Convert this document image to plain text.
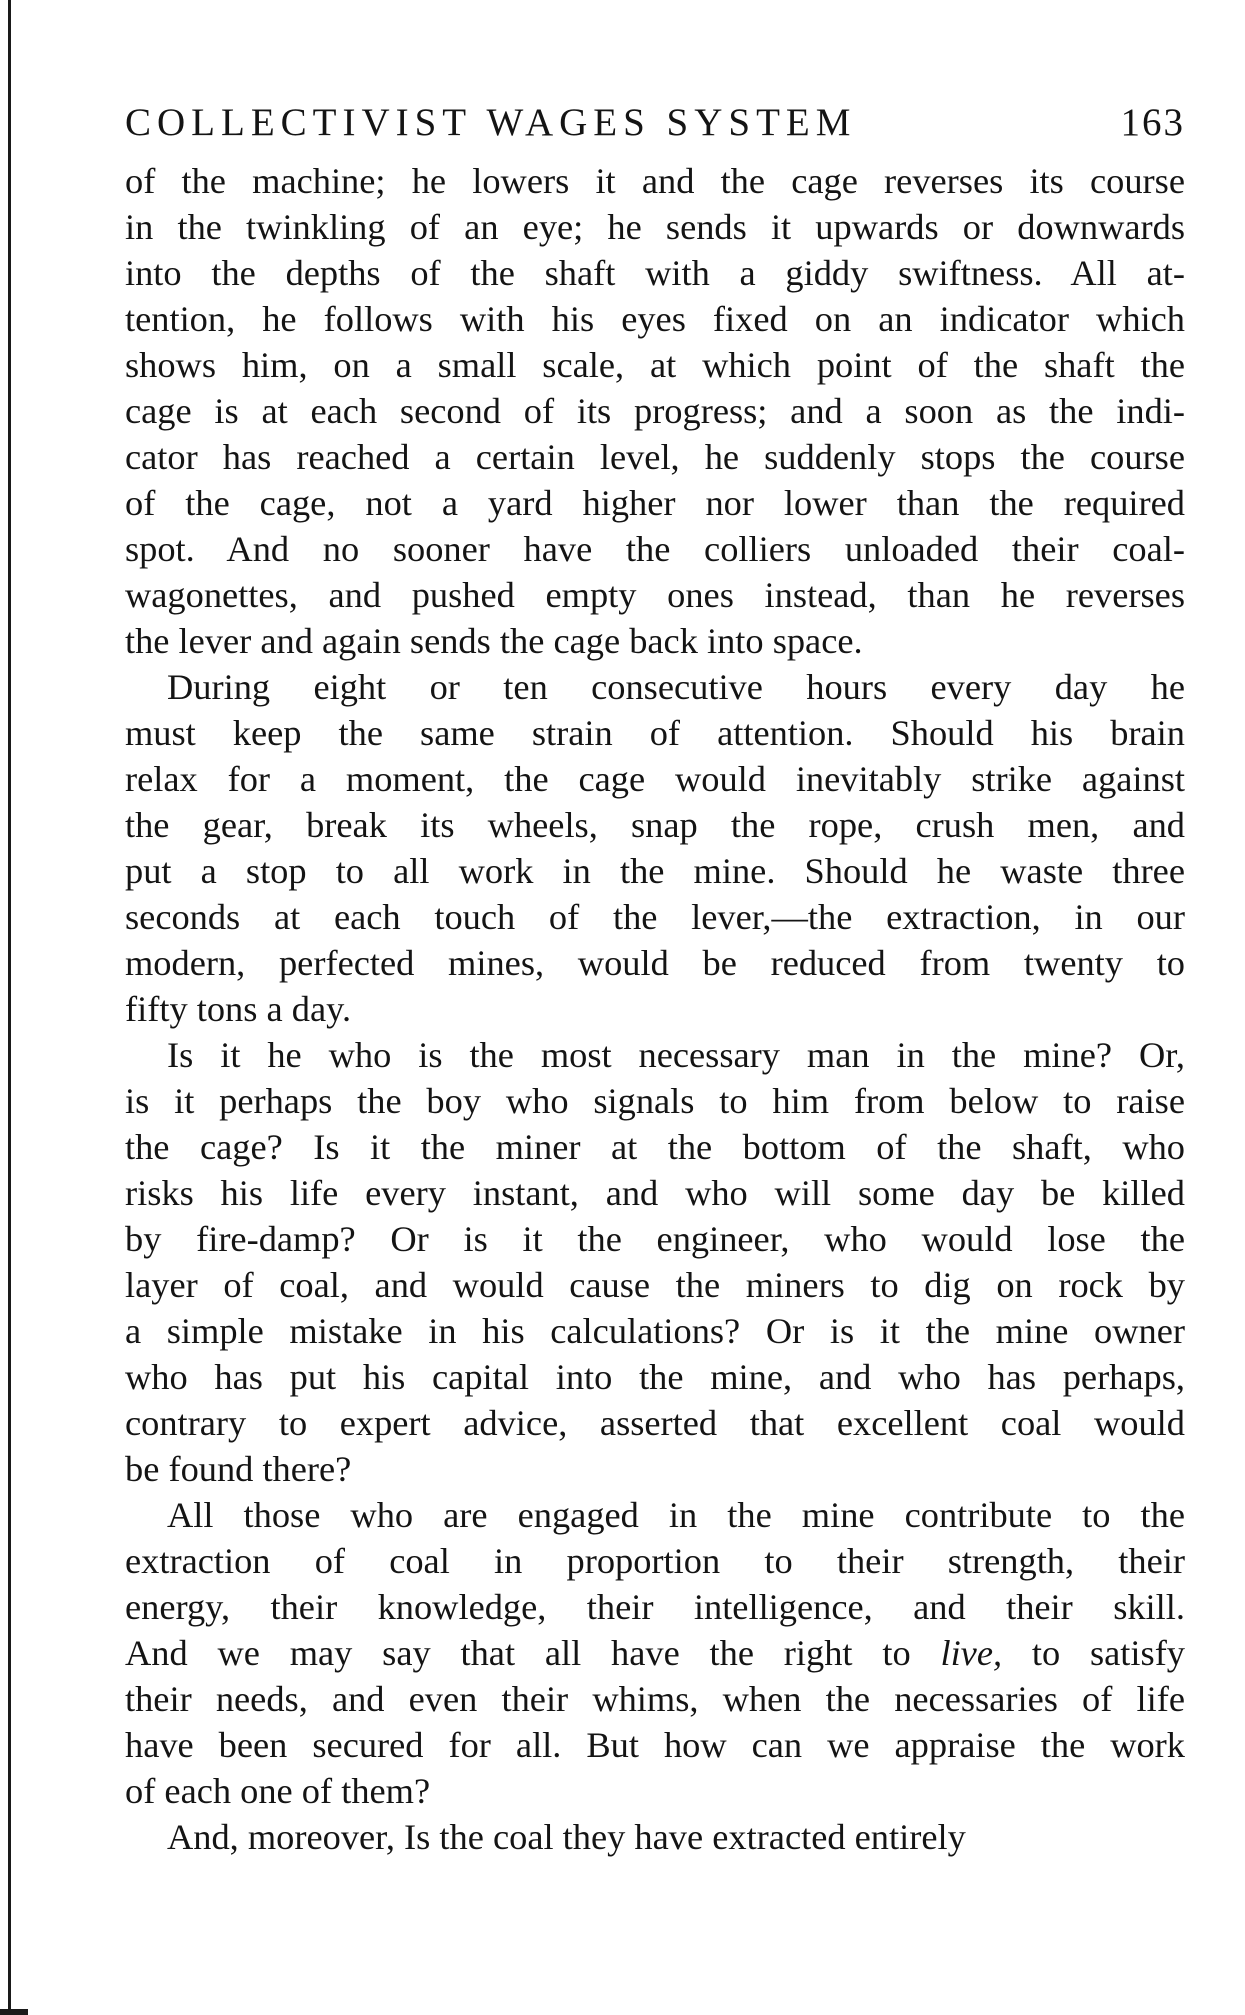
COLLECTIVIST WAGES SYSTEM	163
of the machine; he lowers it and the cage reverses its course
in the twinkling of an eye; he sends it upwards or downwards
into the depths of the shaft with a giddy swiftness. All at-
tention, he follows with his eyes fixed on an indicator which
shows him, on a small scale, at which point of the shaft the
cage is at each second of its progress; and a soon as the indi-
cator has reached a certain level, he suddenly stops the course
of the cage, not a yard higher nor lower than the required
spot. And no sooner have the colliers unloaded their coal-
wagonettes, and pushed empty ones instead, than he reverses
the lever and again sends the cage back into space.
During eight or ten consecutive hours every day he
must keep the same strain of attention. Should his brain
relax for a moment, the cage would inevitably strike against
the gear, break its wheels, snap the rope, crush men, and
put a stop to all work in the mine. Should he waste three
seconds at each touch of the lever,—the extraction, in our
modern, perfected mines, would be reduced from twenty to
fifty tons a day.
Is it he who is the most necessary man in the mine? Or,
is it perhaps the boy who signals to him from below to raise
the cage? Is it the miner at the bottom of the shaft, who
risks his life every instant, and who will some day be killed
by fire-damp? Or is it the engineer, who would lose the
layer of coal, and would cause the miners to dig on rock by
a simple mistake in his calculations? Or is it the mine owner
who has put his capital into the mine, and who has perhaps,
contrary to expert advice, asserted that excellent coal would
be found there?
All those who are engaged in the mine contribute to the
extraction of coal in proportion to their strength, their
energy, their knowledge, their intelligence, and their skill.
And we may say that all have the right to live, to satisfy
their needs, and even their whims, when the necessaries of life
have been secured for all. But how can we appraise the work
of each one of them?
And, moreover, Is the coal they have extracted entirely
